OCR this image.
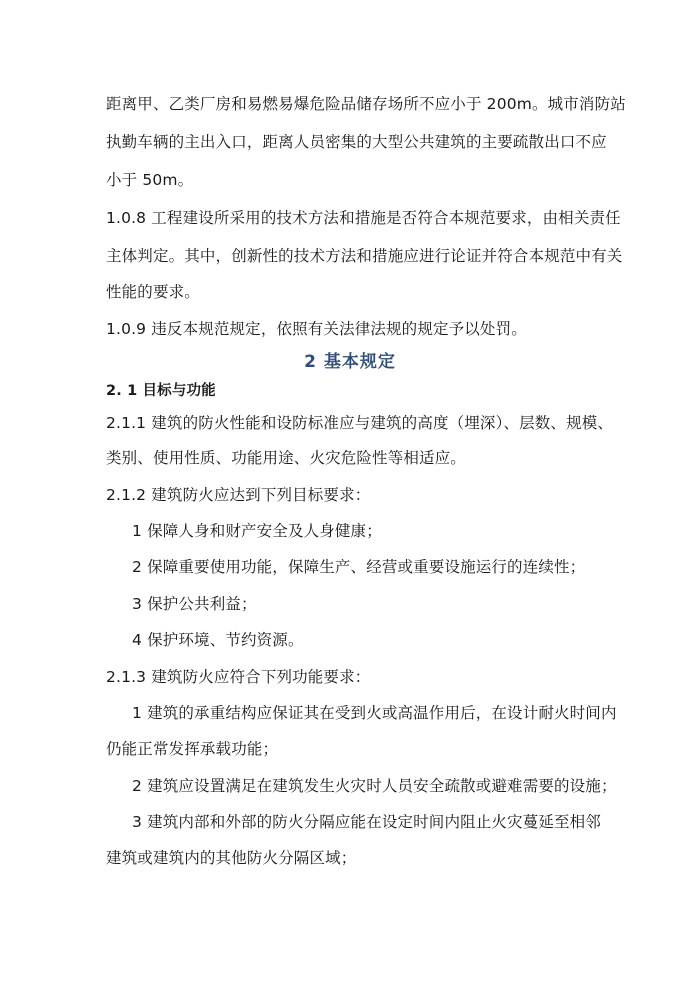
距离甲、乙类厂房和易燃易爆危险品储存场所不应小于 200m。城市消防站
执勤车辆的主出入口，距离人员密集的大型公共建筑的主要疏散出口不应
小于 50m。
1.0.8 工程建设所采用的技术方法和措施是否符合本规范要求，由相关责任
主体判定。其中，创新性的技术方法和措施应进行论证并符合本规范中有关
性能的要求。
1.0.9 违反本规范规定，依照有关法律法规的规定予以处罚。
2 基本规定
2. 1 目标与功能
2.1.1 建筑的防火性能和设防标准应与建筑的高度（埋深）、层数、规模、
类别、使用性质、功能用途、火灾危险性等相适应。
2.1.2 建筑防火应达到下列目标要求：
1 保障人身和财产安全及人身健康；
2 保障重要使用功能，保障生产、经营或重要设施运行的连续性；
3 保护公共利益；
4 保护环境、节约资源。
2.1.3 建筑防火应符合下列功能要求：
1 建筑的承重结构应保证其在受到火或高温作用后，在设计耐火时间内
仍能正常发挥承载功能；
2 建筑应设置满足在建筑发生火灾时人员安全疏散或避难需要的设施；
3 建筑内部和外部的防火分隔应能在设定时间内阻止火灾蔓延至相邻
建筑或建筑内的其他防火分隔区域；
